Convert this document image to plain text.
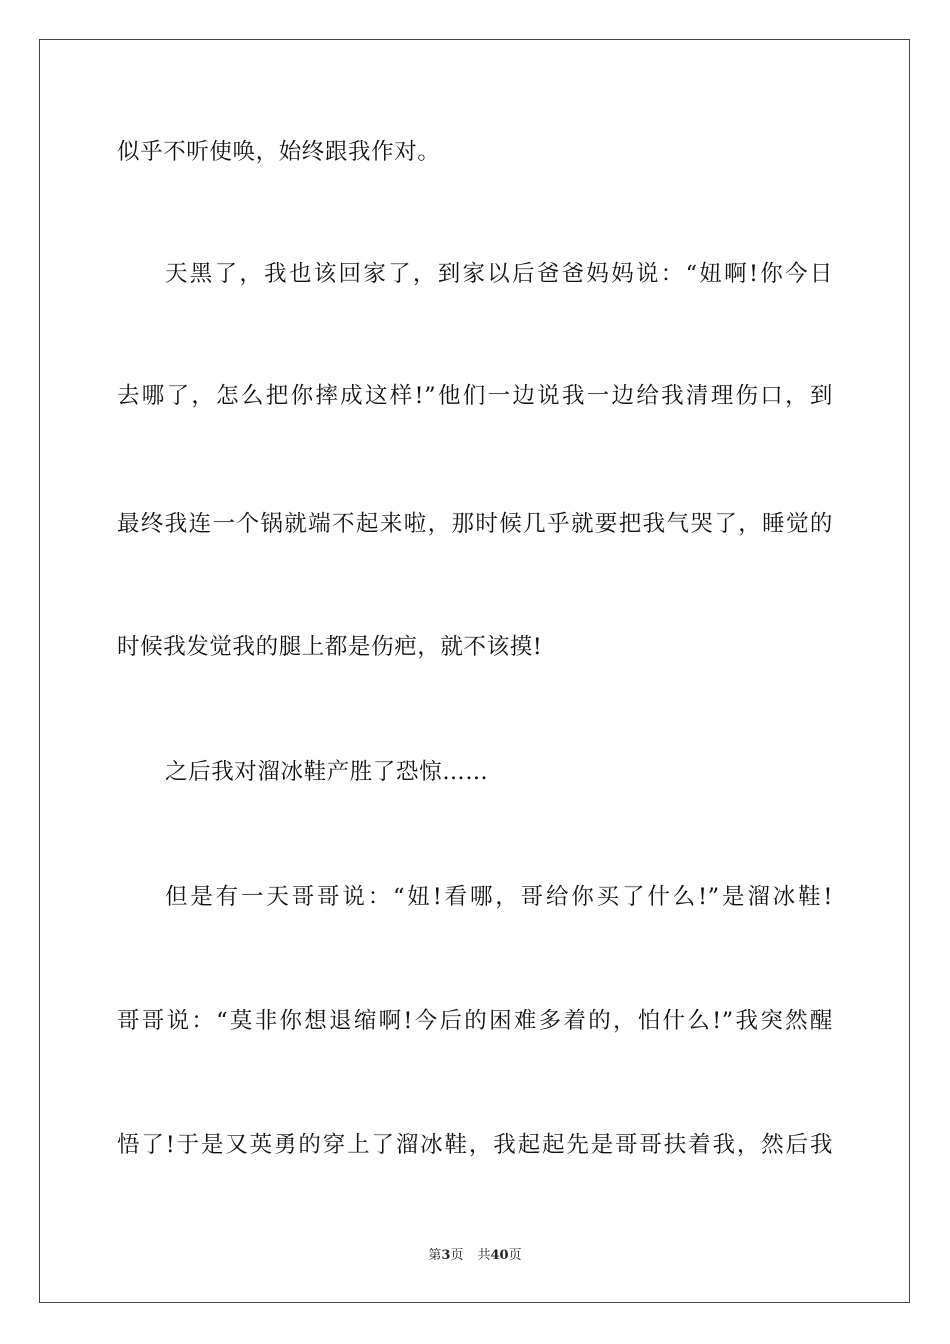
似乎不听使唤，始终跟我作对。
天黑了，我也该回家了，到家以后爸爸妈妈说：“妞啊!你今日
去哪了，怎么把你摔成这样!”他们一边说我一边给我清理伤口，到
最终我连一个锅就端不起来啦，那时候几乎就要把我气哭了，睡觉的
时候我发觉我的腿上都是伤疤，就不该摸!
之后我对溜冰鞋产胜了恐惊……
但是有一天哥哥说：“妞!看哪，哥给你买了什么!”是溜冰鞋!
哥哥说：“莫非你想退缩啊!今后的困难多着的，怕什么!”我突然醒
悟了!于是又英勇的穿上了溜冰鞋，我起起先是哥哥扶着我，然后我
第3页 共40页
